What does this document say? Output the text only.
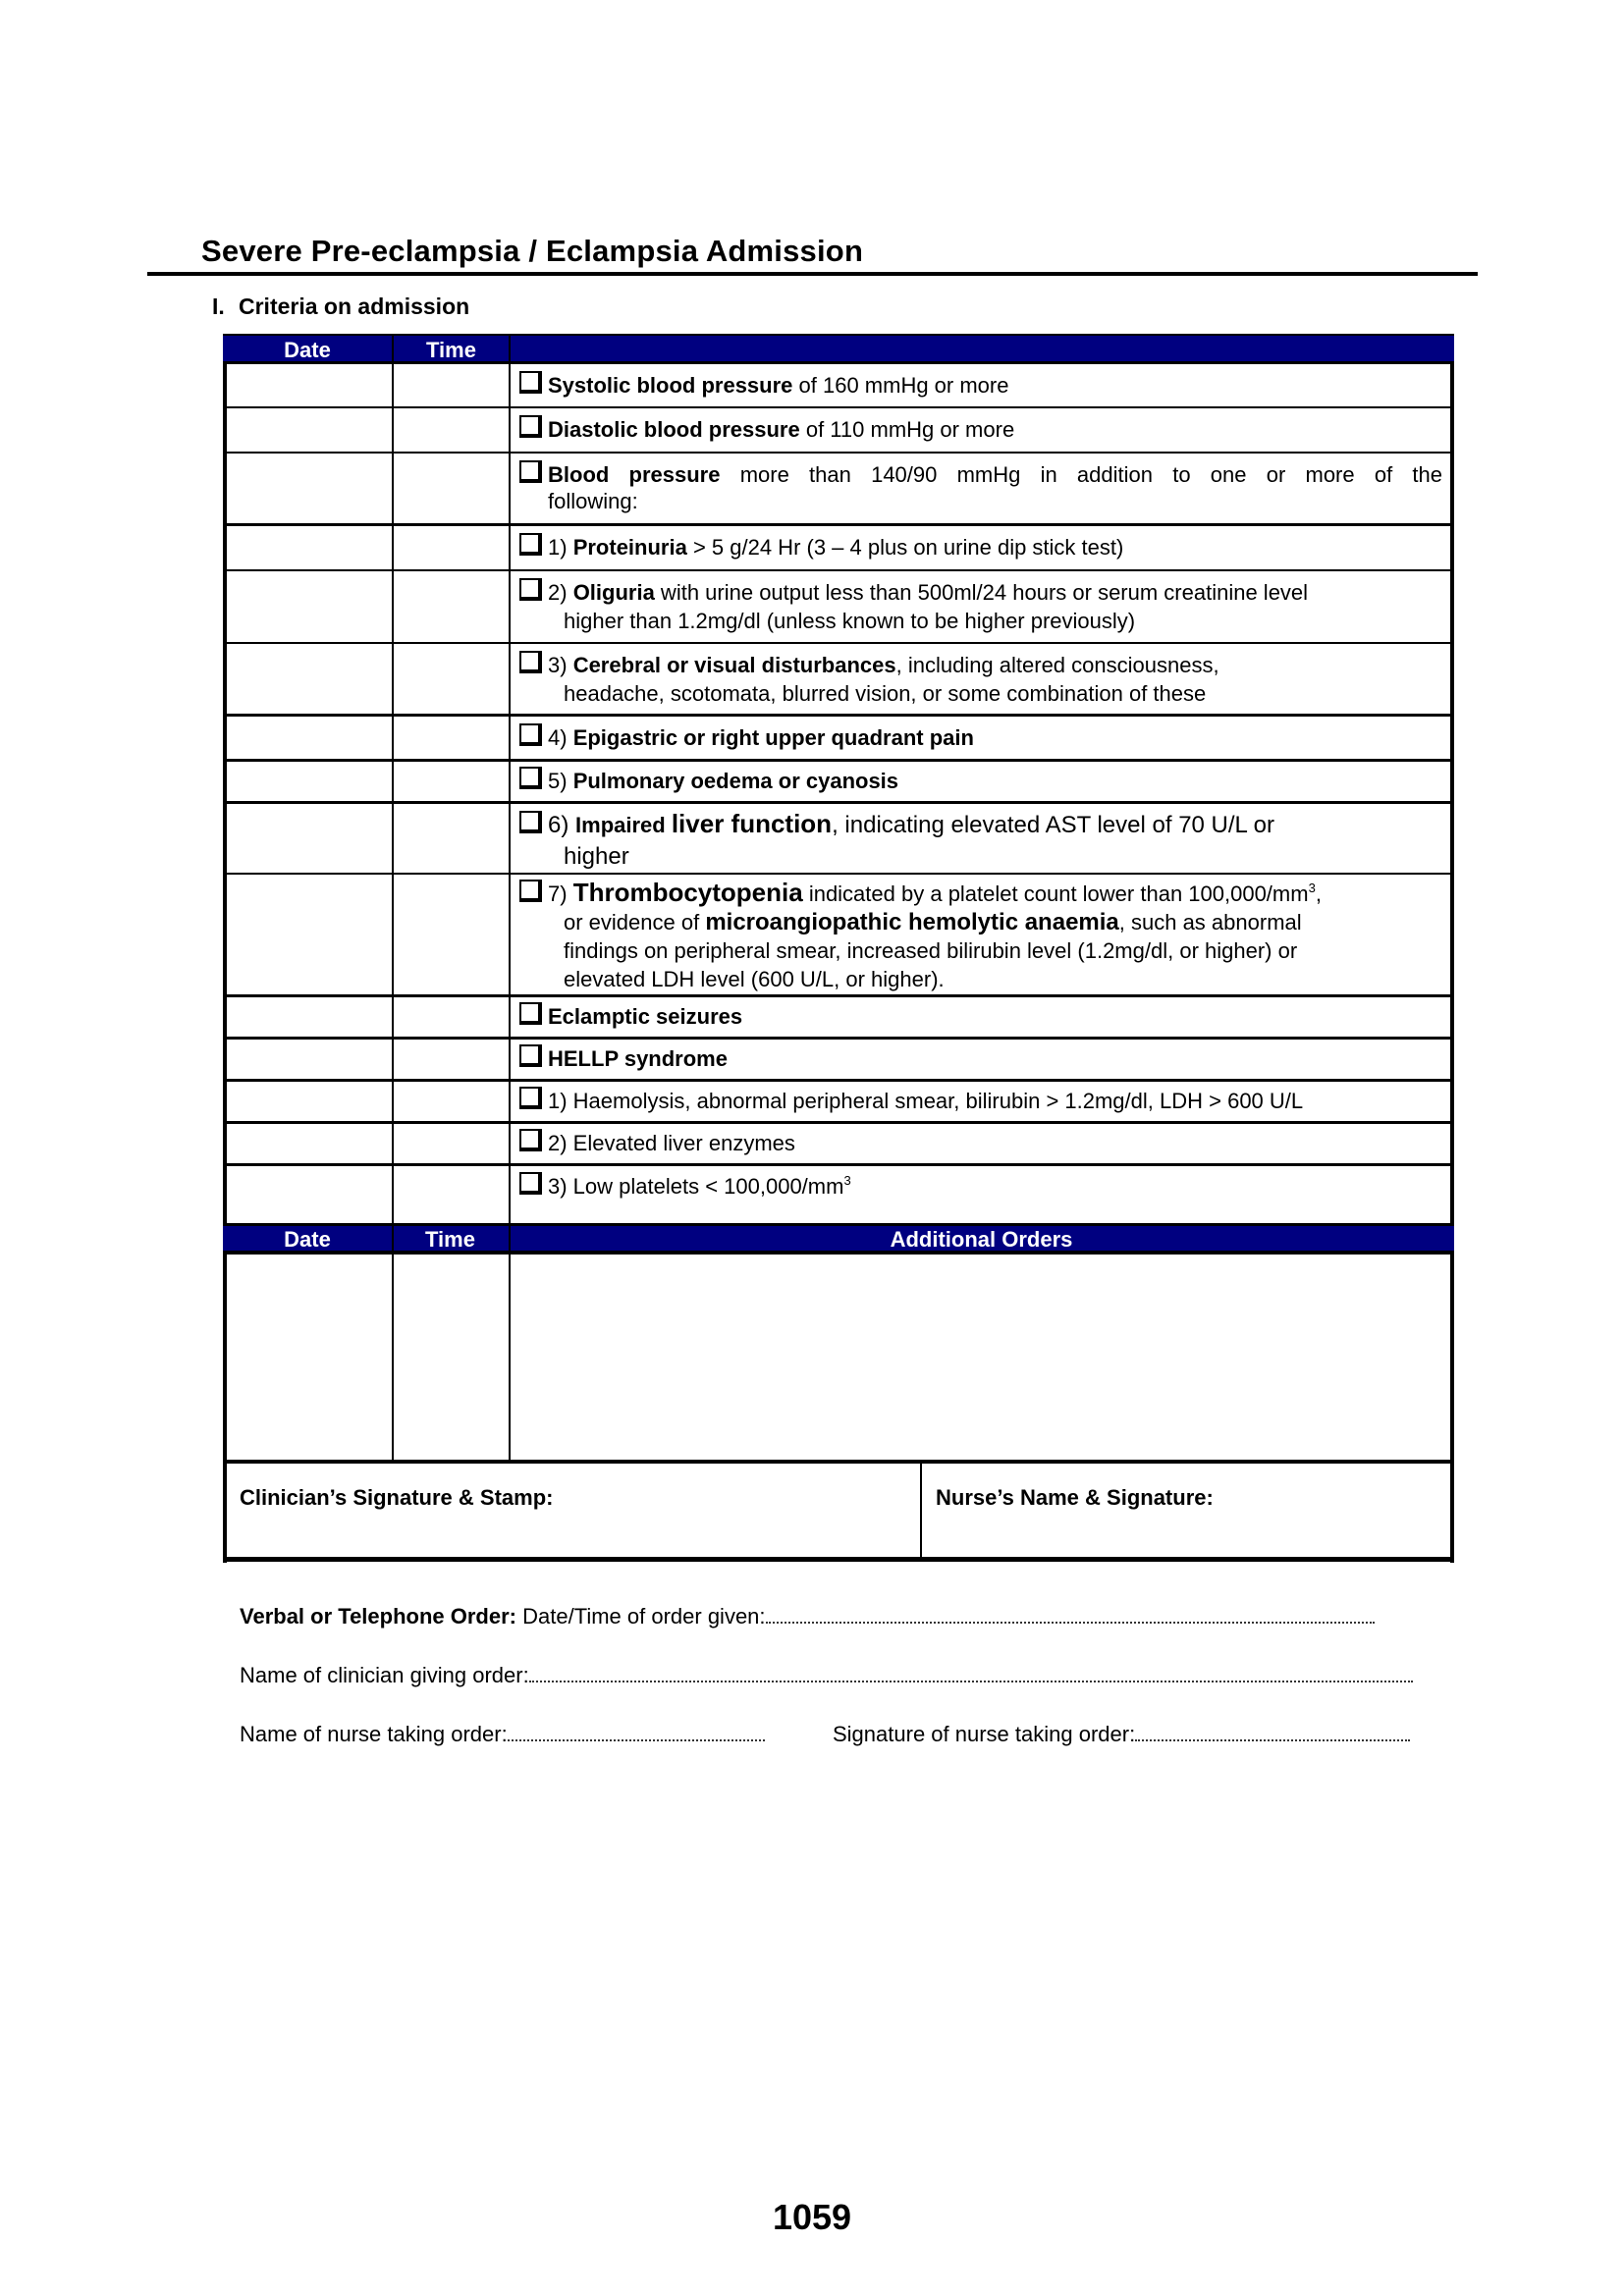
Severe Pre-eclampsia / Eclampsia Admission
I. Criteria on admission
Date	Time
Systolic blood pressure of 160 mmHg or more
Diastolic blood pressure of 110 mmHg or more
Blood pressure more than 140/90 mmHg in addition to one or more of the
following:
1) Proteinuria > 5 g/24 Hr (3 – 4 plus on urine dip stick test)
2) Oliguria with urine output less than 500ml/24 hours or serum creatinine level
higher than 1.2mg/dl (unless known to be higher previously)
3) Cerebral or visual disturbances, including altered consciousness,
headache, scotomata, blurred vision, or some combination of these
4) Epigastric or right upper quadrant pain
5) Pulmonary oedema or cyanosis
6) Impaired liver function, indicating elevated AST level of 70 U/L or
higher
7) Thrombocytopenia indicated by a platelet count lower than $100,000/mm^3$,
or evidence of microangiopathic hemolytic anaemia, such as abnormal
findings on peripheral smear, increased bilirubin level (1.2mg/dl, or higher) or
elevated LDH level (600 U/L, or higher).
Eclamptic seizures
HELLP syndrome
1) Haemolysis, abnormal peripheral smear, bilirubin > 1.2mg/dl, LDH > 600 U/L
2) Elevated liver enzymes
3) Low platelets < $100,000/mm^3$
Date	Time	Additional Orders
Clinician’s Signature & Stamp:	Nurse’s Name & Signature:
Verbal or Telephone Order: Date/Time of order given:
Name of clinician giving order:
Name of nurse taking order:	Signature of nurse taking order:
1059
